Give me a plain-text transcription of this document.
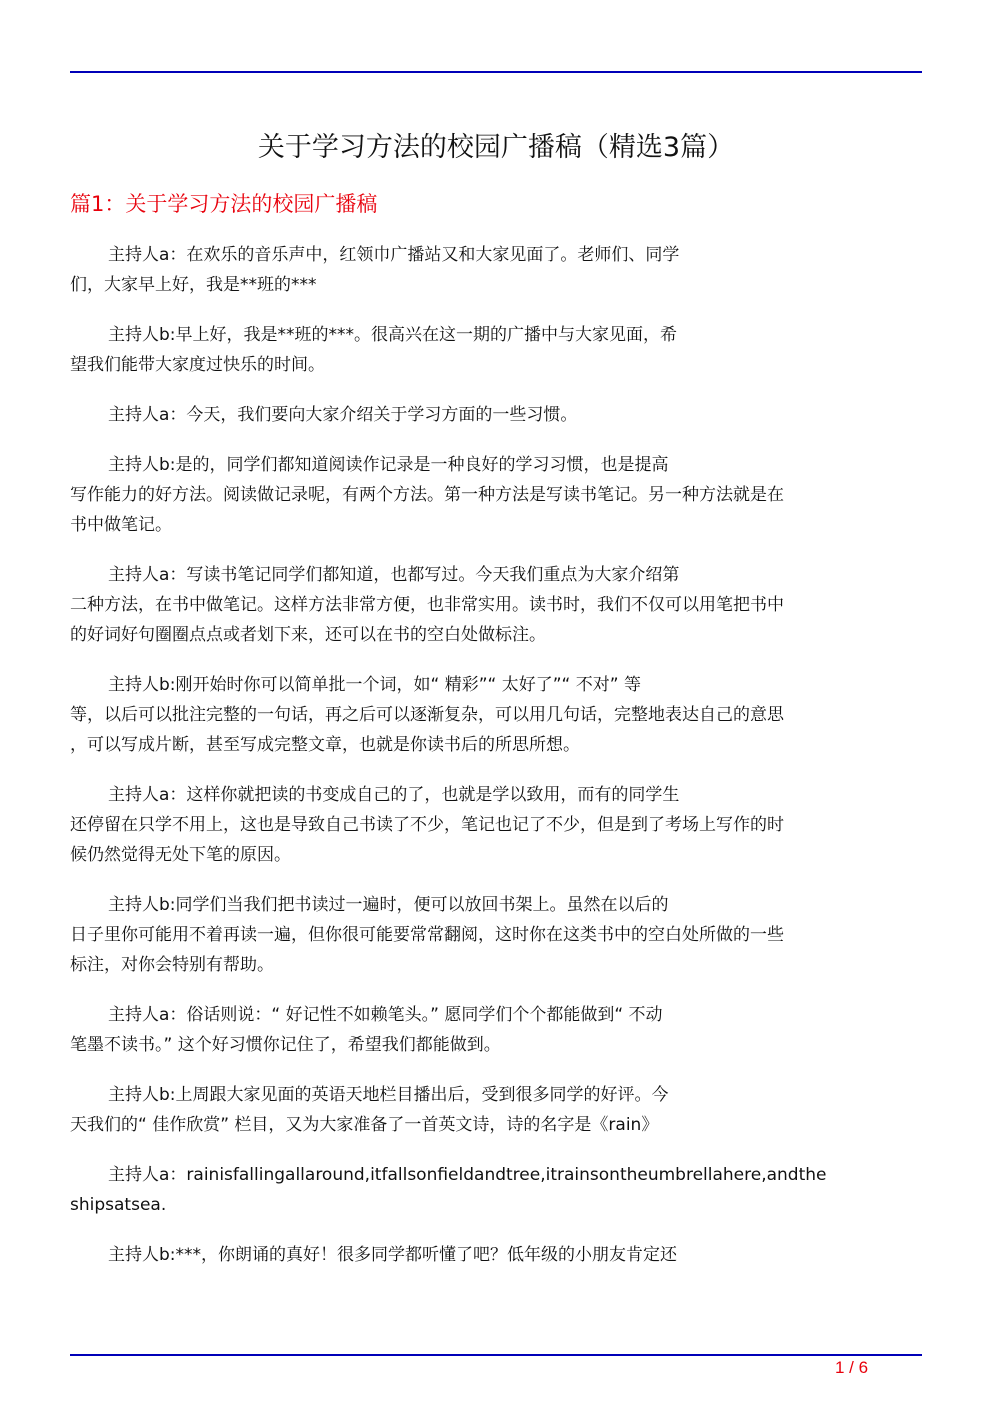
关于学习方法的校园广播稿（精选3篇）
篇1：关于学习方法的校园广播稿
主持人a：在欢乐的音乐声中，红领巾广播站又和大家见面了。老师们、同学
们，大家早上好，我是**班的***
主持人b:早上好，我是**班的***。很高兴在这一期的广播中与大家见面，希
望我们能带大家度过快乐的时间。
主持人a：今天，我们要向大家介绍关于学习方面的一些习惯。
主持人b:是的，同学们都知道阅读作记录是一种良好的学习习惯，也是提高
写作能力的好方法。阅读做记录呢，有两个方法。第一种方法是写读书笔记。另一种方法就是在
书中做笔记。
主持人a：写读书笔记同学们都知道，也都写过。今天我们重点为大家介绍第
二种方法，在书中做笔记。这样方法非常方便，也非常实用。读书时，我们不仅可以用笔把书中
的好词好句圈圈点点或者划下来，还可以在书的空白处做标注。
主持人b:刚开始时你可以简单批一个词，如“ 精彩”“ 太好了”“ 不对” 等
等，以后可以批注完整的一句话，再之后可以逐渐复杂，可以用几句话，完整地表达自己的意思
，可以写成片断，甚至写成完整文章，也就是你读书后的所思所想。
主持人a：这样你就把读的书变成自己的了，也就是学以致用，而有的同学生
还停留在只学不用上，这也是导致自己书读了不少，笔记也记了不少，但是到了考场上写作的时
候仍然觉得无处下笔的原因。
主持人b:同学们当我们把书读过一遍时，便可以放回书架上。虽然在以后的
日子里你可能用不着再读一遍，但你很可能要常常翻阅，这时你在这类书中的空白处所做的一些
标注，对你会特别有帮助。
主持人a：俗话则说：“ 好记性不如赖笔头。” 愿同学们个个都能做到“ 不动
笔墨不读书。” 这个好习惯你记住了，希望我们都能做到。
主持人b:上周跟大家见面的英语天地栏目播出后，受到很多同学的好评。今
天我们的“ 佳作欣赏” 栏目，又为大家准备了一首英文诗，诗的名字是《rain》
主持人a：rainisfallingallaround,itfallsonfieldandtree,itrainsontheumbrellahere,andthe
shipsatsea.
主持人b:***，你朗诵的真好！很多同学都听懂了吧？低年级的小朋友肯定还
1 / 6
